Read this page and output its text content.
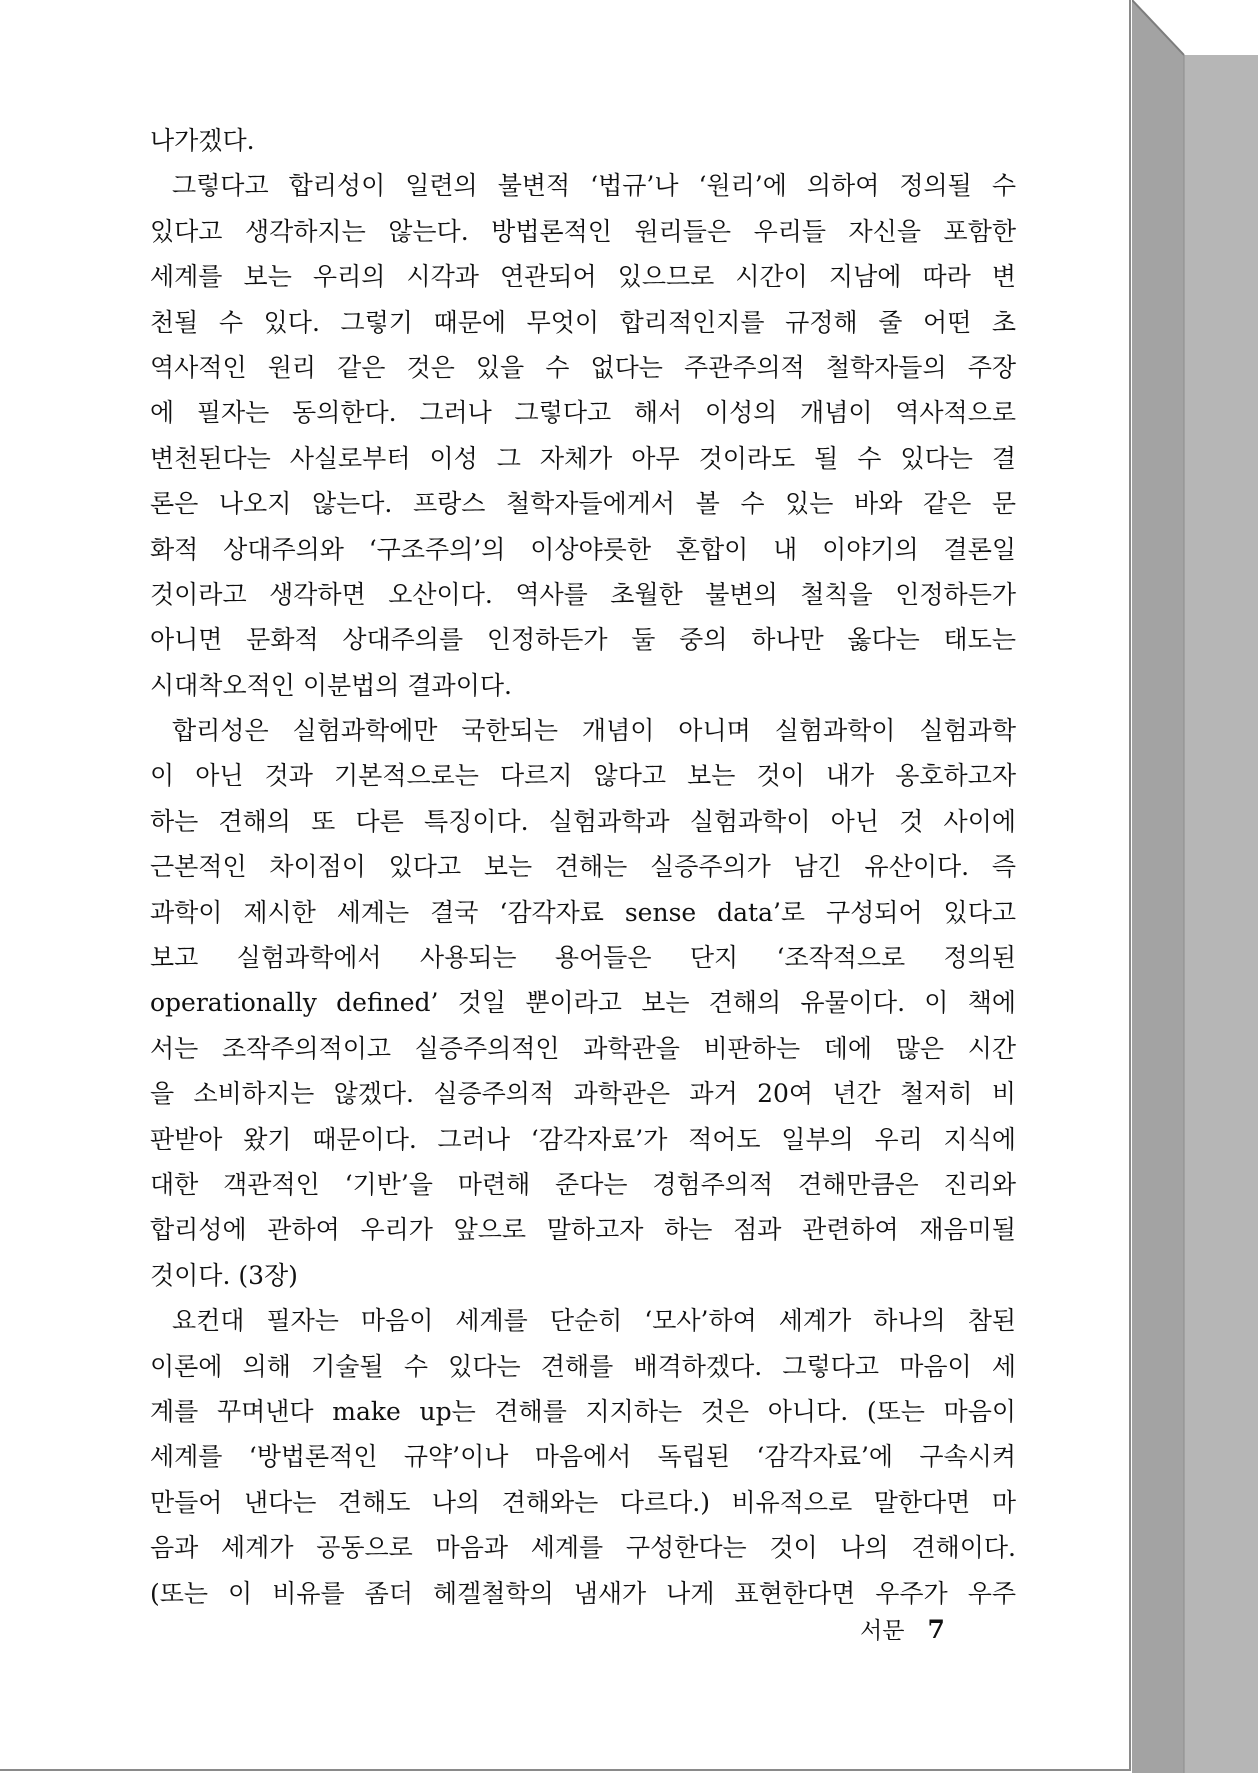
나가겠다.
그렇다고 합리성이 일련의 불변적 ‘법규’나 ‘원리’에 의하여 정의될 수
있다고 생각하지는 않는다. 방법론적인 원리들은 우리들 자신을 포함한
세계를 보는 우리의 시각과 연관되어 있으므로 시간이 지남에 따라 변
천될 수 있다. 그렇기 때문에 무엇이 합리적인지를 규정해 줄 어떤 초
역사적인 원리 같은 것은 있을 수 없다는 주관주의적 철학자들의 주장
에 필자는 동의한다. 그러나 그렇다고 해서 이성의 개념이 역사적으로
변천된다는 사실로부터 이성 그 자체가 아무 것이라도 될 수 있다는 결
론은 나오지 않는다. 프랑스 철학자들에게서 볼 수 있는 바와 같은 문
화적 상대주의와 ‘구조주의’의 이상야릇한 혼합이 내 이야기의 결론일
것이라고 생각하면 오산이다. 역사를 초월한 불변의 철칙을 인정하든가
아니면 문화적 상대주의를 인정하든가 둘 중의 하나만 옳다는 태도는
시대착오적인 이분법의 결과이다.
합리성은 실험과학에만 국한되는 개념이 아니며 실험과학이 실험과학
이 아닌 것과 기본적으로는 다르지 않다고 보는 것이 내가 옹호하고자
하는 견해의 또 다른 특징이다. 실험과학과 실험과학이 아닌 것 사이에
근본적인 차이점이 있다고 보는 견해는 실증주의가 남긴 유산이다. 즉
과학이 제시한 세계는 결국 ‘감각자료 sense data’로 구성되어 있다고
보고 실험과학에서 사용되는 용어들은 단지 ‘조작적으로 정의된
operationally defined’ 것일 뿐이라고 보는 견해의 유물이다. 이 책에
서는 조작주의적이고 실증주의적인 과학관을 비판하는 데에 많은 시간
을 소비하지는 않겠다. 실증주의적 과학관은 과거 20여 년간 철저히 비
판받아 왔기 때문이다. 그러나 ‘감각자료’가 적어도 일부의 우리 지식에
대한 객관적인 ‘기반’을 마련해 준다는 경험주의적 견해만큼은 진리와
합리성에 관하여 우리가 앞으로 말하고자 하는 점과 관련하여 재음미될
것이다. (3장)
요컨대 필자는 마음이 세계를 단순히 ‘모사’하여 세계가 하나의 참된
이론에 의해 기술될 수 있다는 견해를 배격하겠다. 그렇다고 마음이 세
계를 꾸며낸다 make up는 견해를 지지하는 것은 아니다. (또는 마음이
세계를 ‘방법론적인 규약’이나 마음에서 독립된 ‘감각자료’에 구속시켜
만들어 낸다는 견해도 나의 견해와는 다르다.) 비유적으로 말한다면 마
음과 세계가 공동으로 마음과 세계를 구성한다는 것이 나의 견해이다.
(또는 이 비유를 좀더 헤겔철학의 냄새가 나게 표현한다면 우주가 우주
서문 7
